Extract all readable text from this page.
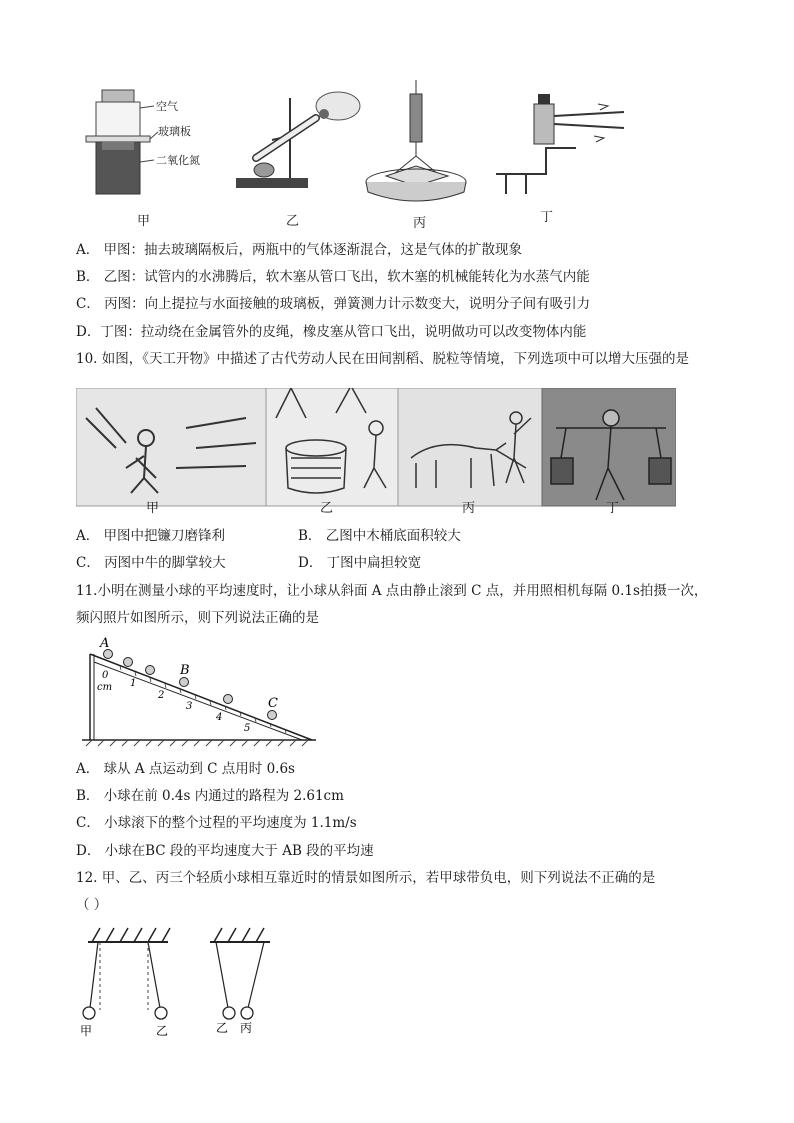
空气
玻璃板
二氧化氮
甲	乙	丙	丁
A． 甲图：抽去玻璃隔板后，两瓶中的气体逐渐混合，这是气体的扩散现象
B． 乙图：试管内的水沸腾后，软木塞从管口飞出，软木塞的机械能转化为水蒸气内能
C． 丙图：向上提拉与水面接触的玻璃板，弹簧测力计示数变大，说明分子间有吸引力
D．丁图：拉动绕在金属管外的皮绳，橡皮塞从管口飞出，说明做功可以改变物体内能
10. 如图，《天工开物》中描述了古代劳动人民在田间割稻、脱粒等情境，下列选项中可以增大压强的是
甲	乙	丙	丁
A． 甲图中把镰刀磨锋利	B． 乙图中木桶底面积较大
C． 丙图中牛的脚掌较大	D． 丁图中扁担较宽
11.小明在测量小球的平均速度时，让小球从斜面 A 点由静止滚到 C 点，并用照相机每隔 0.1s拍摄一次，
频闪照片如图所示，则下列说法正确的是
A
B
C
0
cm 1
2
3
4
5
A． 球从 A 点运动到 C 点用时 0.6s
B． 小球在前 0.4s 内通过的路程为 2.61cm
C． 小球滚下的整个过程的平均速度为 1.1m/s
D． 小球在BC 段的平均速度大于 AB 段的平均速
12. 甲、乙、丙三个轻质小球相互靠近时的情景如图所示，若甲球带负电，则下列说法不正确的是
（ ）
甲	乙	乙 丙
